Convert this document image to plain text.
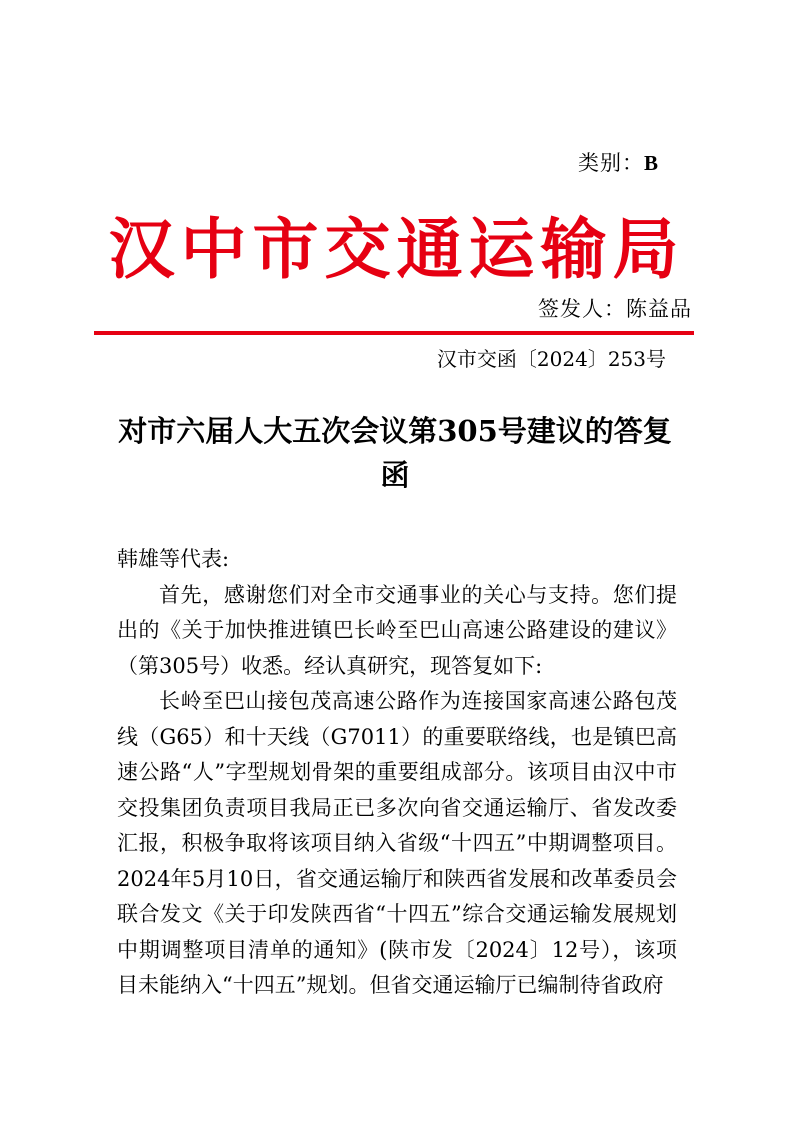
类别：B
汉中市交通运输局
签发人：陈益品
汉市交函〔2024〕253号
对市六届人大五次会议第305号建议的答复
函

韩雄等代表:

首先，感谢您们对全市交通事业的关心与支持。您们提出的《关于加快推进镇巴长岭至巴山高速公路建设的建议》（第305号）收悉。经认真研究，现答复如下:

长岭至巴山接包茂高速公路作为连接国家高速公路包茂线（G65）和十天线（G7011）的重要联络线，也是镇巴高速公路“人”字型规划骨架的重要组成部分。该项目由汉中市交投集团负责项目我局正已多次向省交通运输厅、省发改委汇报，积极争取将该项目纳入省级“十四五”中期调整项目。2024年5月10日，省交通运输厅和陕西省发展和改革委员会联合发文《关于印发陕西省“十四五”综合交通运输发展规划中期调整项目清单的通知》(陕市发〔2024〕12号），该项目未能纳入“十四五”规划。但省交通运输厅已编制待省政府
